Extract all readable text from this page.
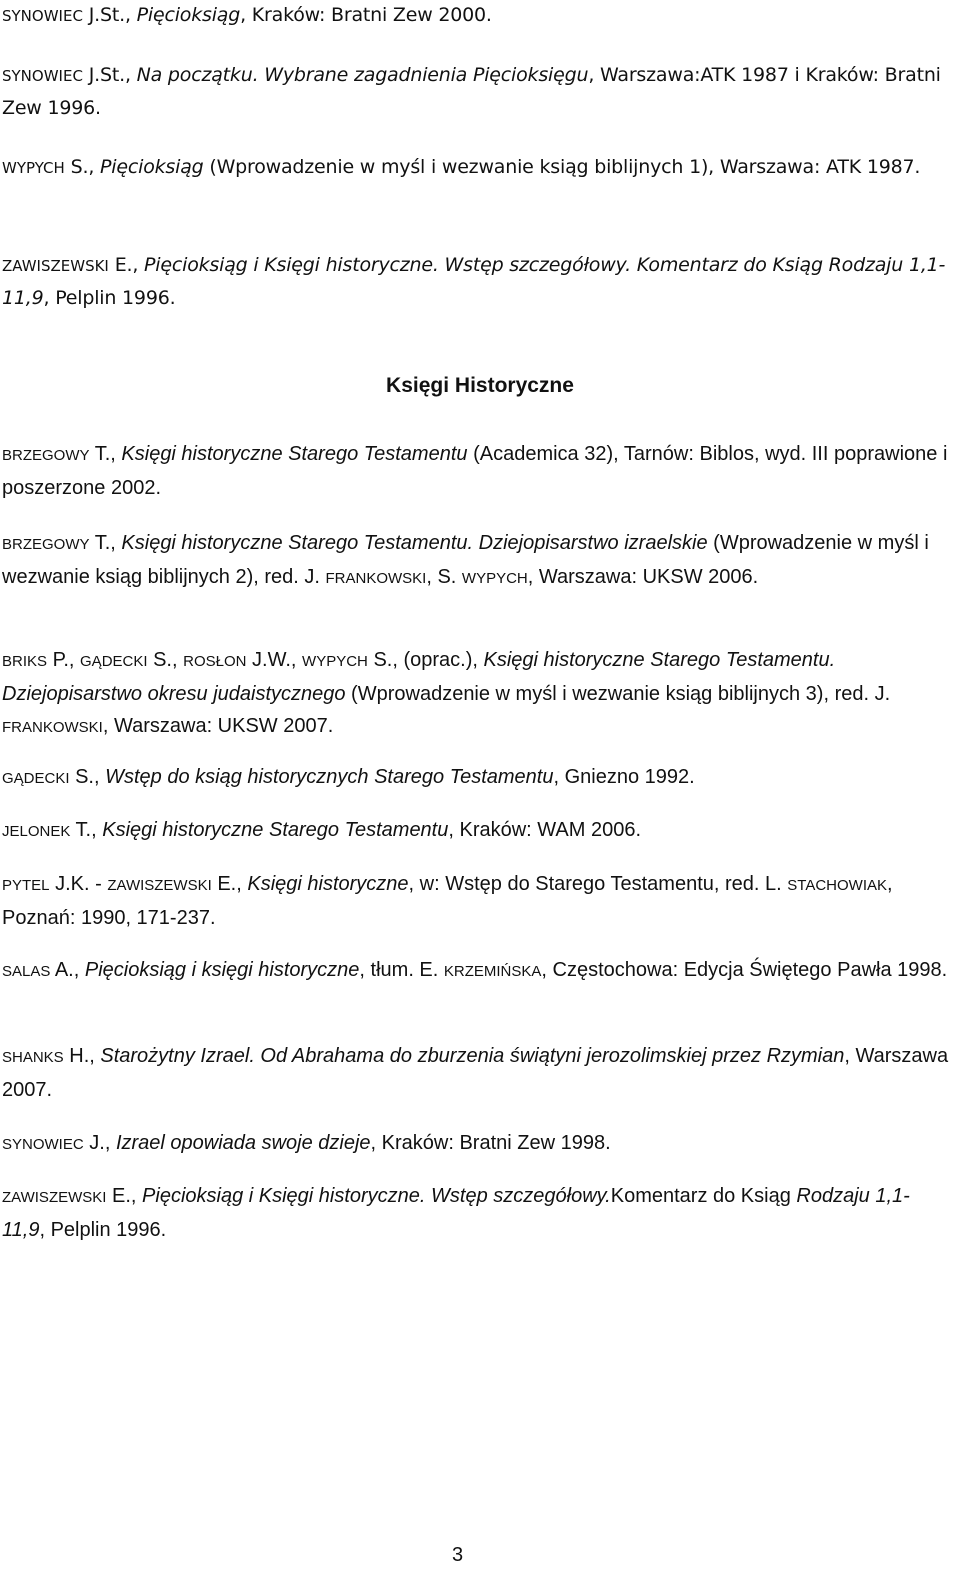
SYNOWIEC J.St., Pięcioksiąg, Kraków: Bratni Zew 2000.

SYNOWIEC J.St., Na początku. Wybrane zagadnienia Pięcioksięgu, Warszawa:ATK 1987 i Kraków: Bratni Zew 1996.

WYPYCH S., Pięcioksiąg (Wprowadzenie w myśl i wezwanie ksiąg biblijnych 1), Warszawa: ATK 1987.

ZAWISZEWSKI E., Pięcioksiąg i Księgi historyczne. Wstęp szczegółowy. Komentarz do Ksiąg Rodzaju 1,1-11,9, Pelplin 1996.

Księgi Historyczne

BRZEGOWY T., Księgi historyczne Starego Testamentu (Academica 32), Tarnów: Biblos, wyd. III poprawione i poszerzone 2002.

BRZEGOWY T., Księgi historyczne Starego Testamentu. Dziejopisarstwo izraelskie (Wprowadzenie w myśl i wezwanie ksiąg biblijnych 2), red. J. FRANKOWSKI, S. WYPYCH, Warszawa: UKSW 2006.

BRIKS P., GĄDECKI S., ROSŁON J.W., WYPYCH S., (oprac.), Księgi historyczne Starego Testamentu. Dziejopisarstwo okresu judaistycznego (Wprowadzenie w myśl i wezwanie ksiąg biblijnych 3), red. J. FRANKOWSKI, Warszawa: UKSW 2007.

GĄDECKI S., Wstęp do ksiąg historycznych Starego Testamentu, Gniezno 1992.

JELONEK T., Księgi historyczne Starego Testamentu, Kraków: WAM 2006.

PYTEL J.K. - ZAWISZEWSKI E., Księgi historyczne, w: Wstęp do Starego Testamentu, red. L. STACHOWIAK, Poznań: 1990, 171-237.

SALAS A., Pięcioksiąg i księgi historyczne, tłum. E. KRZEMIŃSKA, Częstochowa: Edycja Świętego Pawła 1998.

SHANKS H., Starożytny Izrael. Od Abrahama do zburzenia świątyni jerozolimskiej przez Rzymian, Warszawa 2007.

SYNOWIEC J., Izrael opowiada swoje dzieje, Kraków: Bratni Zew 1998.

ZAWISZEWSKI E., Pięcioksiąg i Księgi historyczne. Wstęp szczegółowy.Komentarz do Ksiąg Rodzaju 1,1-11,9, Pelplin 1996.

3
